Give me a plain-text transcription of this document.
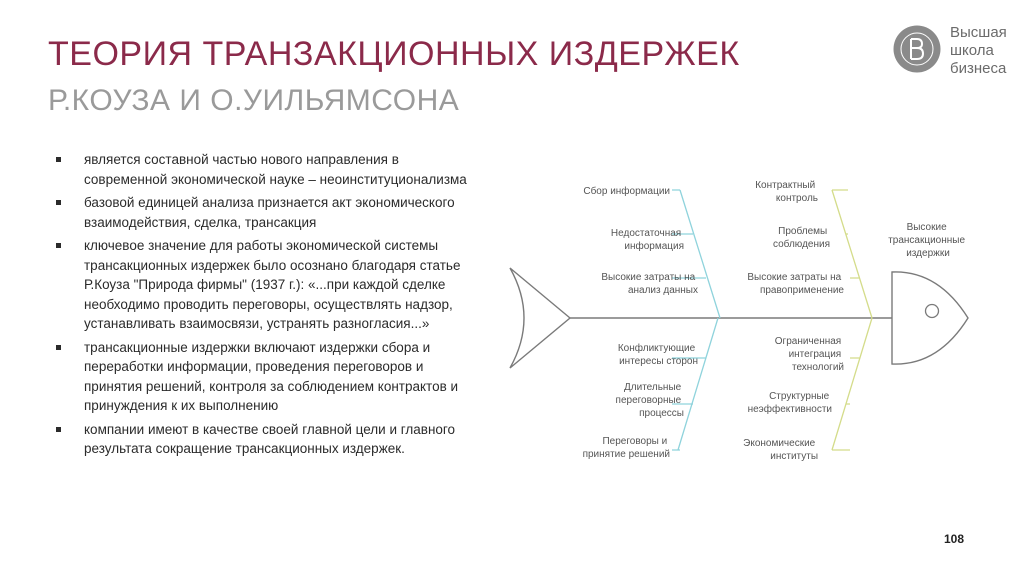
ТЕОРИЯ ТРАНЗАКЦИОННЫХ ИЗДЕРЖЕК
Р.КОУЗА И О.УИЛЬЯМСОНА
Высшая
школа
бизнеса
является составной частью нового направления в современной экономической науке – неоинституционализма
базовой единицей анализа признается акт экономического взаимодействия, сделка, трансакция
ключевое значение для работы экономической системы трансакционных издержек было осознано благодаря статье Р.Коуза "Природа фирмы" (1937 г.): «...при каждой сделке необходимо проводить переговоры, осуществлять надзор, устанавливать взаимосвязи, устранять разногласия...»
трансакционные издержки включают издержки сбора и переработки информации, проведения переговоров и принятия решений, контроля за соблюдением контрактов и принуждения к их выполнению
компании имеют в качестве своей главной цели и главного результата сокращение трансакционных издержек.
Сбор информации
Недостаточная информация
Высокие затраты на анализ данных
Конфликтующие интересы сторон
Длительные переговорные процессы
Переговоры и принятие решений
Контрактный контроль
Проблемы соблюдения
Высокие затраты на правоприменение
Ограниченная интеграция технологий
Структурные неэффективности
Экономические институты
Высокие трансакционные издержки
108
